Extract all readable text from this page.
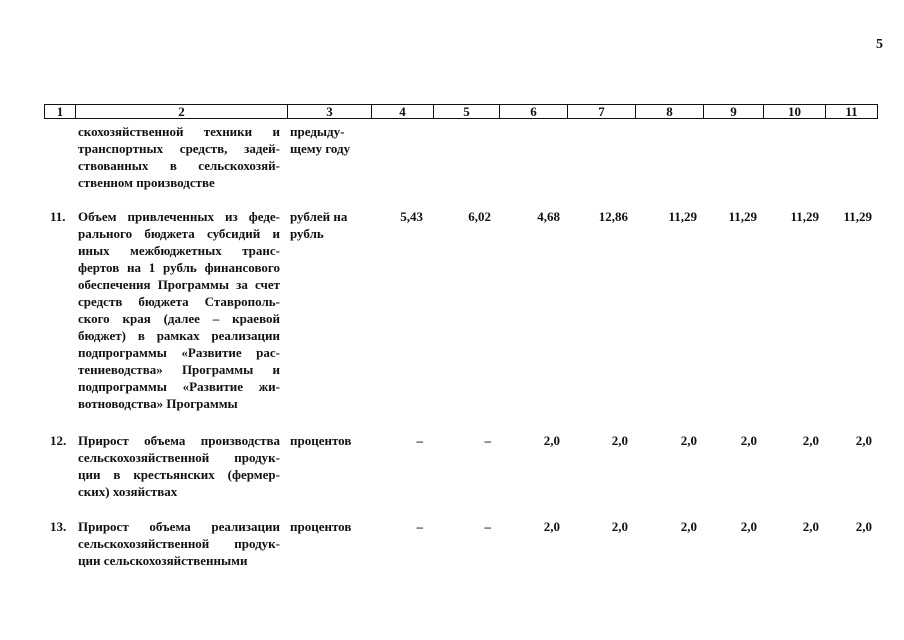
5
1	2	3	4	5	6	7	8	9	10	11
скохозяйственной техники и
транспортных средств, задей-
ствованных в сельскохозяй-
ственном производстве
предыду-
щему году
11. Объем привлеченных из феде-
рального бюджета субсидий и
иных межбюджетных транс-
фертов на 1 рубль финансового
обеспечения Программы за счет
средств бюджета Ставрополь-
ского края (далее – краевой
бюджет) в рамках реализации
подпрограммы «Развитие рас-
тениеводства» Программы и
подпрограммы «Развитие жи-
вотноводства» Программы
рублей на
рубль
5,43	6,02	4,68	12,86	11,29 11,29	11,29 11,29
12. Прирост объема производства
сельскохозяйственной продук-
ции в крестьянских (фермер-
ских) хозяйствах
процентов	–	–	2,0	2,0	2,0	2,0	2,0	2,0
13. Прирост объема реализации
сельскохозяйственной продук-
ции сельскохозяйственными
процентов	–	–	2,0	2,0	2,0	2,0	2,0	2,0
